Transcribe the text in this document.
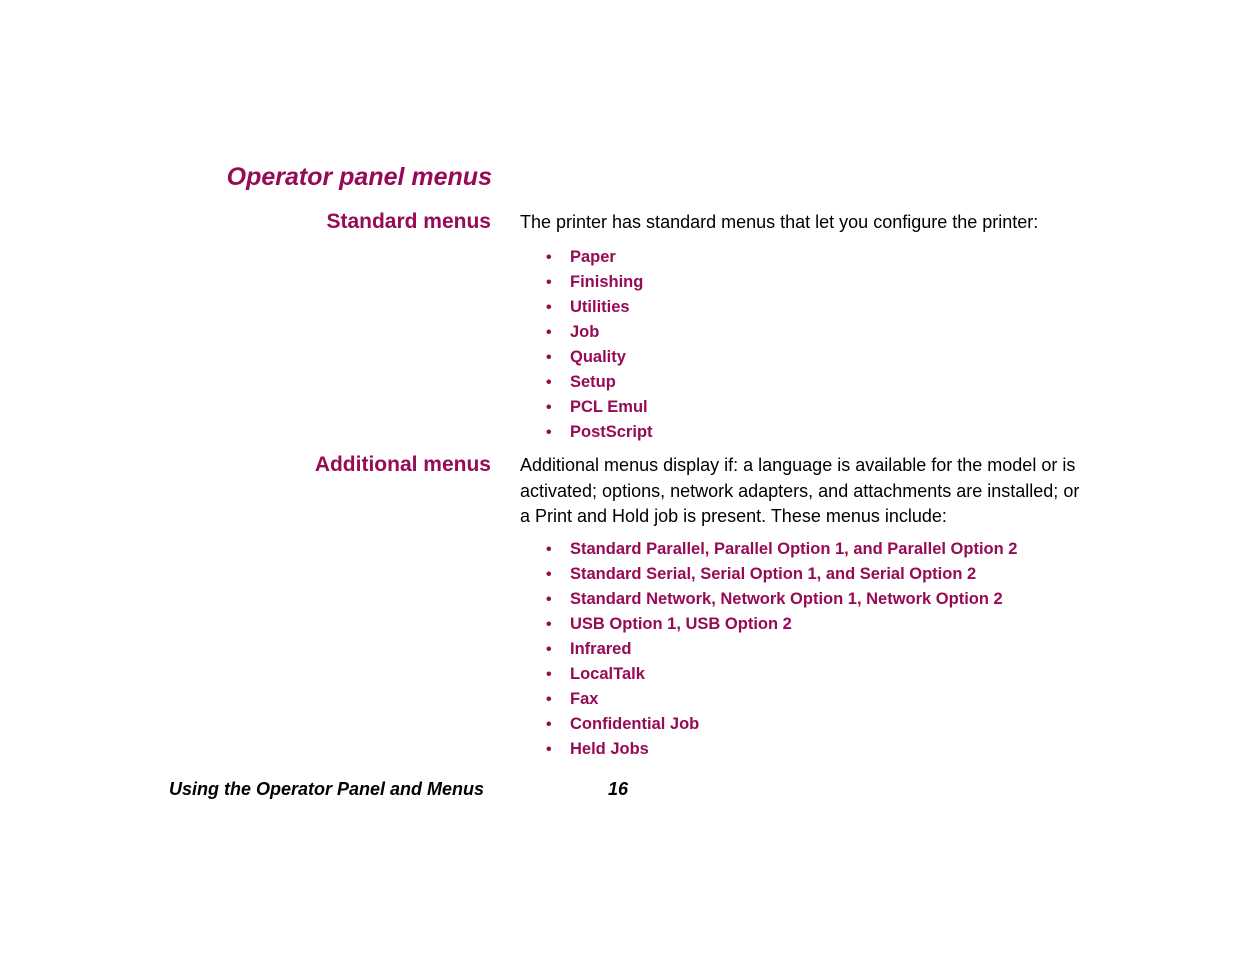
Operator panel menus
Standard menus The printer has standard menus that let you configure the printer:

• Paper
• Finishing
• Utilities
• Job
• Quality
• Setup
• PCL Emul
• PostScript
Additional menus Additional menus display if: a language is available for the model or is activated; options, network adapters, and attachments are installed; or a Print and Hold job is present. These menus include:

• Standard Parallel, Parallel Option 1, and Parallel Option 2
• Standard Serial, Serial Option 1, and Serial Option 2
• Standard Network, Network Option 1, Network Option 2
• USB Option 1, USB Option 2
• Infrared
• LocalTalk
• Fax
• Confidential Job
• Held Jobs
Using the Operator Panel and Menus	16
